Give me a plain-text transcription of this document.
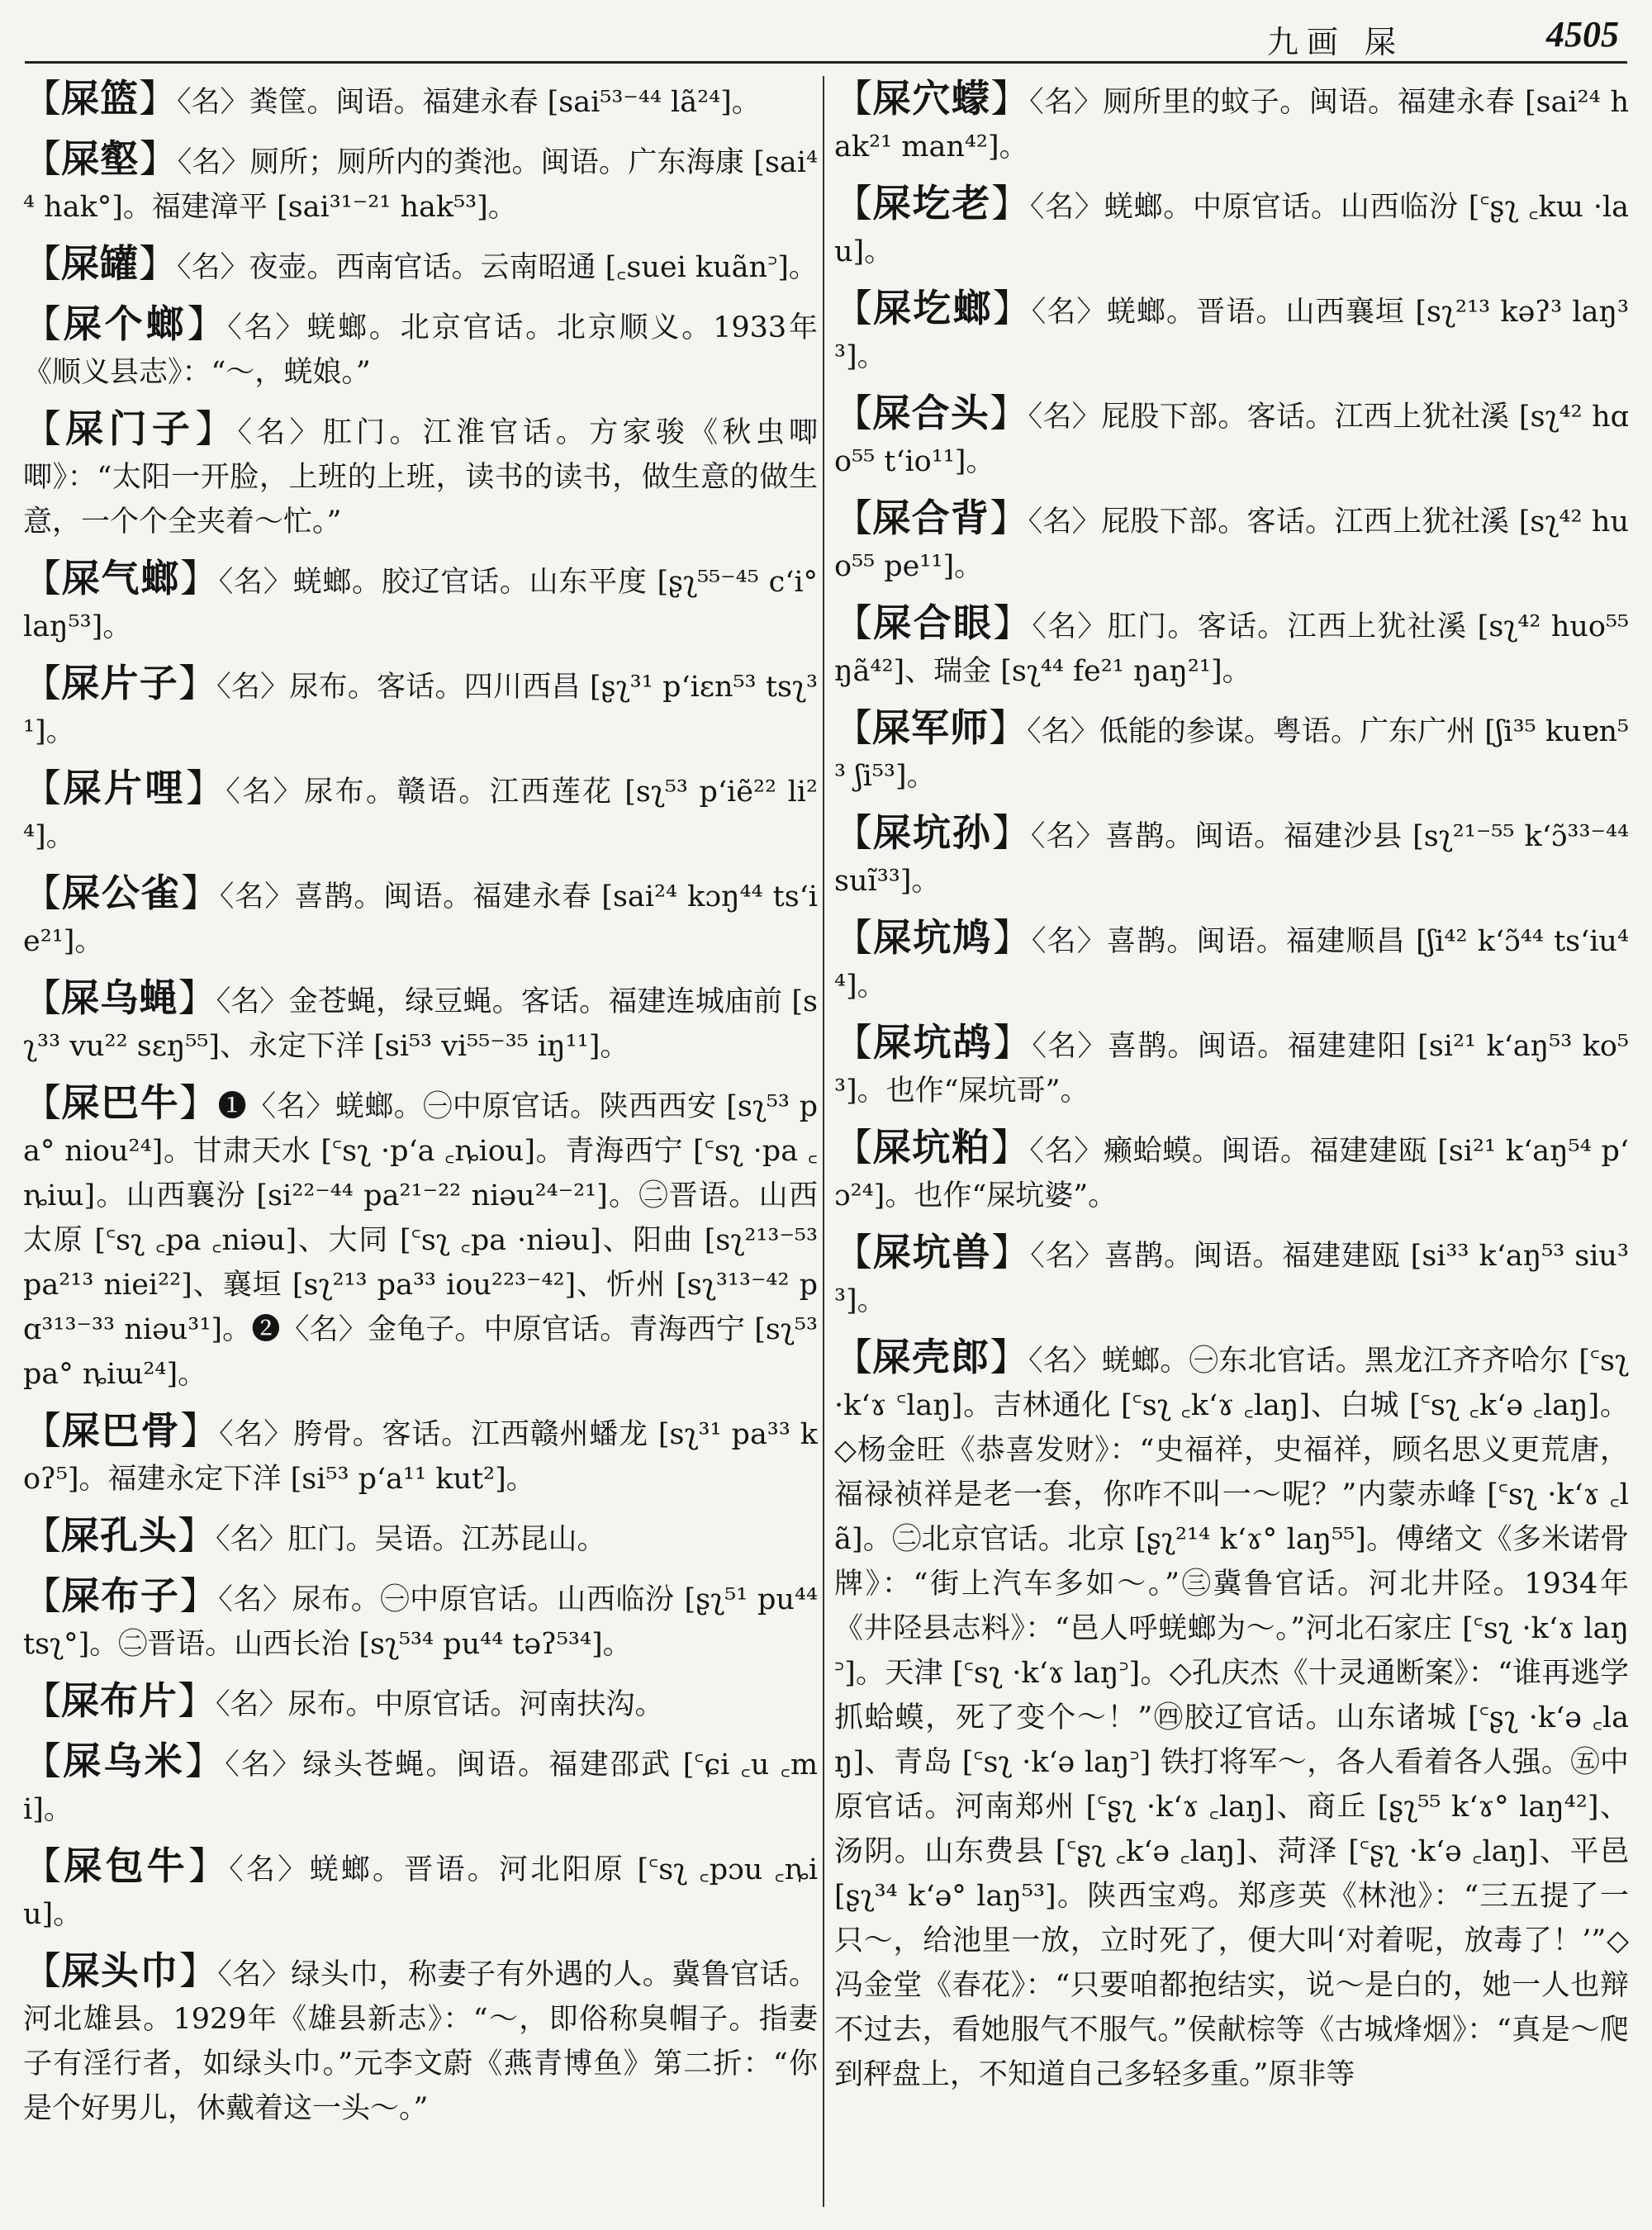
九画 屎	4505

【屎篮】〈名〉粪筐。闽语。福建永春 [sai⁵³⁻⁴⁴ lã²⁴]。

【屎壑】〈名〉厕所；厕所内的粪池。闽语。广东海康 [sai⁴⁴ hak°]。福建漳平 [sai³¹⁻²¹ hak⁵³]。

【屎罐】〈名〉夜壶。西南官话。云南昭通 [꜀suei kuãn꜄]。

【屎个螂】〈名〉蜣螂。北京官话。北京顺义。1933年《顺义县志》：“～，蜣娘。”

【屎门子】〈名〉肛门。江淮官话。方家骏《秋虫唧唧》：“太阳一开脸，上班的上班，读书的读书，做生意的做生意，一个个全夹着～忙。”

【屎气螂】〈名〉蜣螂。胶辽官话。山东平度 [ʂʅ⁵⁵⁻⁴⁵ cʻi° laŋ⁵³]。

【屎片子】〈名〉尿布。客话。四川西昌 [ʂʅ³¹ pʻiɛn⁵³ tsʅ³¹]。

【屎片哩】〈名〉尿布。赣语。江西莲花 [sʅ⁵³ pʻiẽ²² li²⁴]。

【屎公雀】〈名〉喜鹊。闽语。福建永春 [sai²⁴ kɔŋ⁴⁴ tsʻie²¹]。

【屎乌蝇】〈名〉金苍蝇，绿豆蝇。客话。福建连城庙前 [sʅ³³ vu²² sɛŋ⁵⁵]、永定下洋 [si⁵³ vi⁵⁵⁻³⁵ iŋ¹¹]。

【屎巴牛】❶〈名〉蜣螂。㊀中原官话。陕西西安 [sʅ⁵³ pa° niou²⁴]。甘肃天水 [꜂sʅ ·pʻa ꜀ȵiou]。青海西宁 [꜂sʅ ·pa ꜀ȵiɯ]。山西襄汾 [si²²⁻⁴⁴ pa²¹⁻²² niəu²⁴⁻²¹]。㊁晋语。山西太原 [꜂sʅ ꜀pa ꜀niəu]、大同 [꜂sʅ ꜀pa ·niəu]、阳曲 [sʅ²¹³⁻⁵³ pa²¹³ niei²²]、襄垣 [sʅ²¹³ pa³³ iou²²³⁻⁴²]、忻州 [sʅ³¹³⁻⁴² pɑ³¹³⁻³³ niəu³¹]。❷〈名〉金龟子。中原官话。青海西宁 [sʅ⁵³ pa° ȵiɯ²⁴]。

【屎巴骨】〈名〉胯骨。客话。江西赣州蟠龙 [sʅ³¹ pa³³ koʔ⁵]。福建永定下洋 [si⁵³ pʻa¹¹ kut²]。

【屎孔头】〈名〉肛门。吴语。江苏昆山。

【屎布子】〈名〉尿布。㊀中原官话。山西临汾 [ʂʅ⁵¹ pu⁴⁴ tsʅ°]。㊁晋语。山西长治 [sʅ⁵³⁴ pu⁴⁴ təʔ⁵³⁴]。

【屎布片】〈名〉尿布。中原官话。河南扶沟。

【屎乌米】〈名〉绿头苍蝇。闽语。福建邵武 [꜂ɕi ꜀u ꜀mi]。

【屎包牛】〈名〉蜣螂。晋语。河北阳原 [꜂sʅ ꜀pɔu ꜀ȵiu]。

【屎头巾】〈名〉绿头巾，称妻子有外遇的人。冀鲁官话。河北雄县。1929年《雄县新志》：“～，即俗称臭帽子。指妻子有淫行者，如绿头巾。”元李文蔚《燕青博鱼》第二折：“你是个好男儿，休戴着这一头～。”

【屎穴蠓】〈名〉厕所里的蚊子。闽语。福建永春 [sai²⁴ hak²¹ man⁴²]。

【屎圪老】〈名〉蜣螂。中原官话。山西临汾 [꜂ʂʅ ꜀kɯ ·lau]。

【屎圪螂】〈名〉蜣螂。晋语。山西襄垣 [sʅ²¹³ kəʔ³ laŋ³³]。

【屎合头】〈名〉屁股下部。客话。江西上犹社溪 [sʅ⁴² hɑo⁵⁵ tʻio¹¹]。

【屎合背】〈名〉屁股下部。客话。江西上犹社溪 [sʅ⁴² huo⁵⁵ pe¹¹]。

【屎合眼】〈名〉肛门。客话。江西上犹社溪 [sʅ⁴² huo⁵⁵ ŋã⁴²]、瑞金 [sʅ⁴⁴ fe²¹ ŋaŋ²¹]。

【屎军师】〈名〉低能的参谋。粤语。广东广州 [ʃi³⁵ kuɐn⁵³ ʃi⁵³]。

【屎坑孙】〈名〉喜鹊。闽语。福建沙县 [sʅ²¹⁻⁵⁵ kʻɔ̃³³⁻⁴⁴ suĩ³³]。

【屎坑鸠】〈名〉喜鹊。闽语。福建顺昌 [ʃi⁴² kʻɔ̃⁴⁴ tsʻiu⁴⁴]。

【屎坑鸪】〈名〉喜鹊。闽语。福建建阳 [si²¹ kʻaŋ⁵³ ko⁵³]。也作“屎坑哥”。

【屎坑粕】〈名〉癞蛤蟆。闽语。福建建瓯 [si²¹ kʻaŋ⁵⁴ pʻɔ²⁴]。也作“屎坑婆”。

【屎坑兽】〈名〉喜鹊。闽语。福建建瓯 [si³³ kʻaŋ⁵³ siu³³]。

【屎壳郎】〈名〉蜣螂。㊀东北官话。黑龙江齐齐哈尔 [꜂sʅ ·kʻɤ ꜂laŋ]。吉林通化 [꜂sʅ ꜀kʻɤ ꜀laŋ]、白城 [꜂sʅ ꜀kʻə ꜀laŋ]。◇杨金旺《恭喜发财》：“史福祥，史福祥，顾名思义更荒唐，福禄祯祥是老一套，你咋不叫一～呢？”内蒙赤峰 [꜂sʅ ·kʻɤ ꜀lã]。㊁北京官话。北京 [ʂʅ²¹⁴ kʻɤ° laŋ⁵⁵]。傅绪文《多米诺骨牌》：“街上汽车多如～。”㊂冀鲁官话。河北井陉。1934年《井陉县志料》：“邑人呼蜣螂为～。”河北石家庄 [꜂sʅ ·kʻɤ laŋ꜄]。天津 [꜂sʅ ·kʻɤ laŋ꜄]。◇孔庆杰《十灵通断案》：“谁再逃学抓蛤蟆，死了变个～！”㊃胶辽官话。山东诸城 [꜂ʂʅ ·kʻə ꜀laŋ]、青岛 [꜂sʅ ·kʻə laŋ꜄] 铁打将军～，各人看着各人强。㊄中原官话。河南郑州 [꜂ʂʅ ·kʻɤ ꜀laŋ]、商丘 [ʂʅ⁵⁵ kʻɤ° laŋ⁴²]、汤阴。山东费县 [꜂ʂʅ ꜀kʻə ꜀laŋ]、菏泽 [꜂ʂʅ ·kʻə ꜀laŋ]、平邑 [ʂʅ³⁴ kʻə° laŋ⁵³]。陕西宝鸡。郑彦英《林池》：“三五提了一只～，给池里一放，立时死了，便大叫‘对着呢，放毒了！’”◇冯金堂《春花》：“只要咱都抱结实，说～是白的，她一人也辩不过去，看她服气不服气。”侯献棕等《古城烽烟》：“真是～爬到秤盘上，不知道自己多轻多重。”原非等
